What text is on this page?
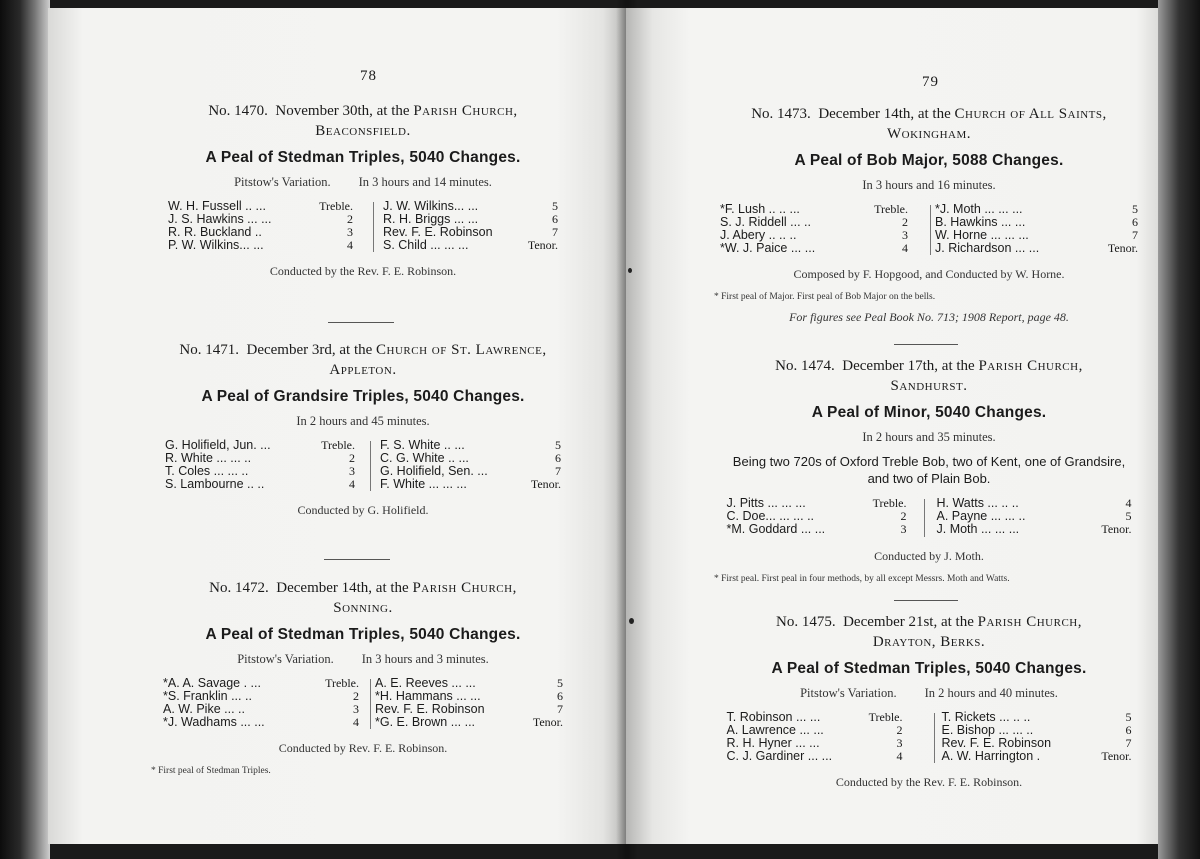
78
No. 1470. November 30th, at the Parish Church,
Beaconsfield.
A Peal of Stedman Triples, 5040 Changes.
Pitstow's Variation. In 3 hours and 14 minutes.
W. H. Fussell .. ...	Treble.
J. S. Hawkins ... ...	2
R. R. Buckland ..	3
P. W. Wilkins... ...	4
J. W. Wilkins... ...	5
R. H. Briggs ... ...	6
Rev. F. E. Robinson	7
S. Child ... ... ...	Tenor.
Conducted by the Rev. F. E. Robinson.
No. 1471. December 3rd, at the Church of St. Lawrence,
Appleton.
A Peal of Grandsire Triples, 5040 Changes.
In 2 hours and 45 minutes.
G. Holifield, Jun. ...	Treble.
R. White ... ... ..	2
T. Coles ... ... ..	3
S. Lambourne .. ..	4
F. S. White .. ...	5
C. G. White .. ...	6
G. Holifield, Sen. ...	7
F. White ... ... ...	Tenor.
Conducted by G. Holifield.
No. 1472. December 14th, at the Parish Church,
Sonning.
A Peal of Stedman Triples, 5040 Changes.
Pitstow's Variation. In 3 hours and 3 minutes.
*A. A. Savage . ...	Treble.
*S. Franklin ... ..	2
A. W. Pike ... ..	3
*J. Wadhams ... ...	4
A. E. Reeves ... ...	5
*H. Hammans ... ...	6
Rev. F. E. Robinson	7
*G. E. Brown ... ...	Tenor.
Conducted by Rev. F. E. Robinson.
* First peal of Stedman Triples.
79
No. 1473. December 14th, at the Church of All Saints,
Wokingham.
A Peal of Bob Major, 5088 Changes.
In 3 hours and 16 minutes.
*F. Lush .. .. ...	Treble.
S. J. Riddell ... ..	2
J. Abery .. .. ..	3
*W. J. Paice ... ...	4
*J. Moth ... ... ...	5
B. Hawkins ... ...	6
W. Horne ... ... ...	7
J. Richardson ... ...	Tenor.
Composed by F. Hopgood, and Conducted by W. Horne.
* First peal of Major. First peal of Bob Major on the bells.
For figures see Peal Book No. 713; 1908 Report, page 48.
No. 1474. December 17th, at the Parish Church,
Sandhurst.
A Peal of Minor, 5040 Changes.
In 2 hours and 35 minutes.
Being two 720s of Oxford Treble Bob, two of Kent, one of Grandsire, and two of Plain Bob.
J. Pitts ... ... ...	Treble.
C. Doe... ... ... ..	2
*M. Goddard ... ...	3
H. Watts ... .. ..	4
A. Payne ... ... ..	5
J. Moth ... ... ...	Tenor.
Conducted by J. Moth.
* First peal. First peal in four methods, by all except Messrs. Moth and Watts.
No. 1475. December 21st, at the Parish Church,
Drayton, Berks.
A Peal of Stedman Triples, 5040 Changes.
Pitstow's Variation. In 2 hours and 40 minutes.
T. Robinson ... ...	Treble.
A. Lawrence ... ...	2
R. H. Hyner ... ...	3
C. J. Gardiner ... ...	4
T. Rickets ... .. ..	5
E. Bishop ... ... ..	6
Rev. F. E. Robinson	7
A. W. Harrington .	Tenor.
Conducted by the Rev. F. E. Robinson.
